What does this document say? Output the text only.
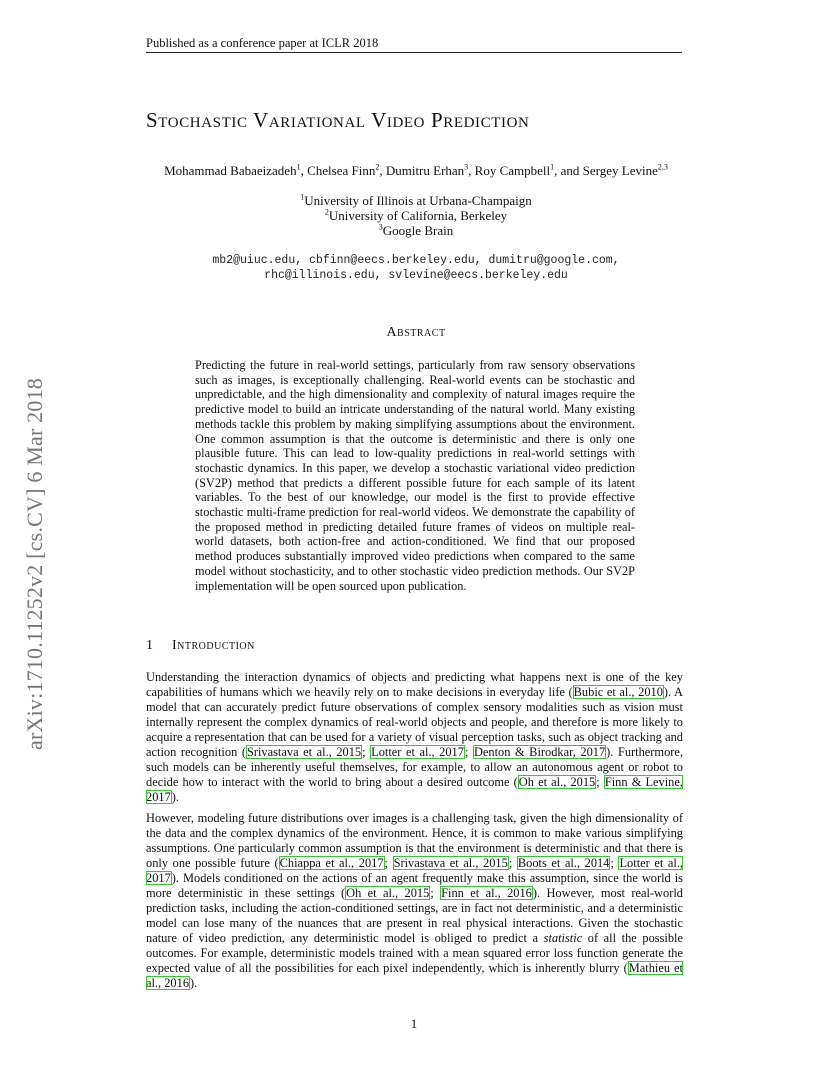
Published as a conference paper at ICLR 2018
arXiv:1710.11252v2 [cs.CV] 6 Mar 2018
Stochastic Variational Video Prediction
Mohammad Babaeizadeh$^1$, Chelsea Finn$^2$, Dumitru Erhan$^3$, Roy Campbell$^1$, and Sergey Levine$^{2,3}$
$^1$University of Illinois at Urbana-Champaign
$^2$University of California, Berkeley
$^3$Google Brain
mb2@uiuc.edu, cbfinn@eecs.berkeley.edu, dumitru@google.com,
rhc@illinois.edu, svlevine@eecs.berkeley.edu
Abstract
Predicting the future in real-world settings, particularly from raw sensory observations such as images, is exceptionally challenging. Real-world events can be stochastic and unpredictable, and the high dimensionality and complexity of natural images require the predictive model to build an intricate understanding of the natural world. Many existing methods tackle this problem by making simplifying assumptions about the environment. One common assumption is that the outcome is deterministic and there is only one plausible future. This can lead to low-quality predictions in real-world settings with stochastic dynamics. In this paper, we develop a stochastic variational video prediction (SV2P) method that predicts a different possible future for each sample of its latent variables. To the best of our knowledge, our model is the first to provide effective stochastic multi-frame prediction for real-world videos. We demonstrate the capability of the proposed method in predicting detailed future frames of videos on multiple real-world datasets, both action-free and action-conditioned. We find that our proposed method produces substantially improved video predictions when compared to the same model without stochasticity, and to other stochastic video prediction methods. Our SV2P implementation will be open sourced upon publication.
1 Introduction
Understanding the interaction dynamics of objects and predicting what happens next is one of the key capabilities of humans which we heavily rely on to make decisions in everyday life (Bubic et al., 2010). A model that can accurately predict future observations of complex sensory modalities such as vision must internally represent the complex dynamics of real-world objects and people, and therefore is more likely to acquire a representation that can be used for a variety of visual perception tasks, such as object tracking and action recognition (Srivastava et al., 2015; Lotter et al., 2017; Denton & Birodkar, 2017). Furthermore, such models can be inherently useful themselves, for example, to allow an autonomous agent or robot to decide how to interact with the world to bring about a desired outcome (Oh et al., 2015; Finn & Levine, 2017).
However, modeling future distributions over images is a challenging task, given the high dimensionality of the data and the complex dynamics of the environment. Hence, it is common to make various simplifying assumptions. One particularly common assumption is that the environment is deterministic and that there is only one possible future (Chiappa et al., 2017; Srivastava et al., 2015; Boots et al., 2014; Lotter et al., 2017). Models conditioned on the actions of an agent frequently make this assumption, since the world is more deterministic in these settings (Oh et al., 2015; Finn et al., 2016). However, most real-world prediction tasks, including the action-conditioned settings, are in fact not deterministic, and a deterministic model can lose many of the nuances that are present in real physical interactions. Given the stochastic nature of video prediction, any deterministic model is obliged to predict a statistic of all the possible outcomes. For example, deterministic models trained with a mean squared error loss function generate the expected value of all the possibilities for each pixel independently, which is inherently blurry (Mathieu et al., 2016).
1
